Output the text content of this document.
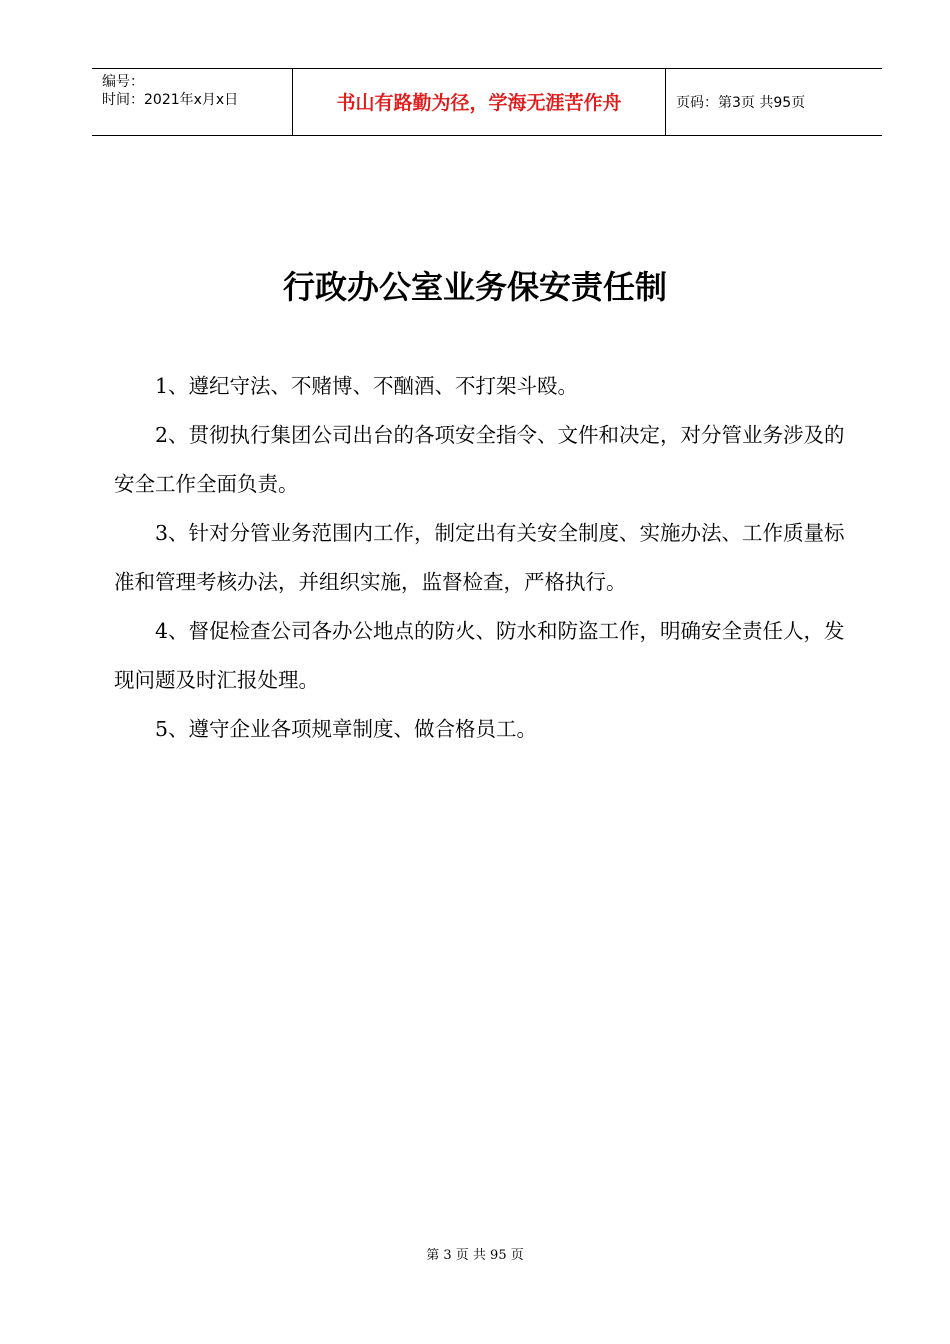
编号：
时间：2021年x月x日	书山有路勤为径，学海无涯苦作舟	页码：第3页 共95页
行政办公室业务保安责任制

1、遵纪守法、不赌博、不酗酒、不打架斗殴。

2、贯彻执行集团公司出台的各项安全指令、文件和决定，对分管业务涉及的安全工作全面负责。

3、针对分管业务范围内工作，制定出有关安全制度、实施办法、工作质量标准和管理考核办法，并组织实施，监督检查，严格执行。

4、督促检查公司各办公地点的防火、防水和防盗工作，明确安全责任人，发现问题及时汇报处理。

5、遵守企业各项规章制度、做合格员工。

第 3 页 共 95 页
